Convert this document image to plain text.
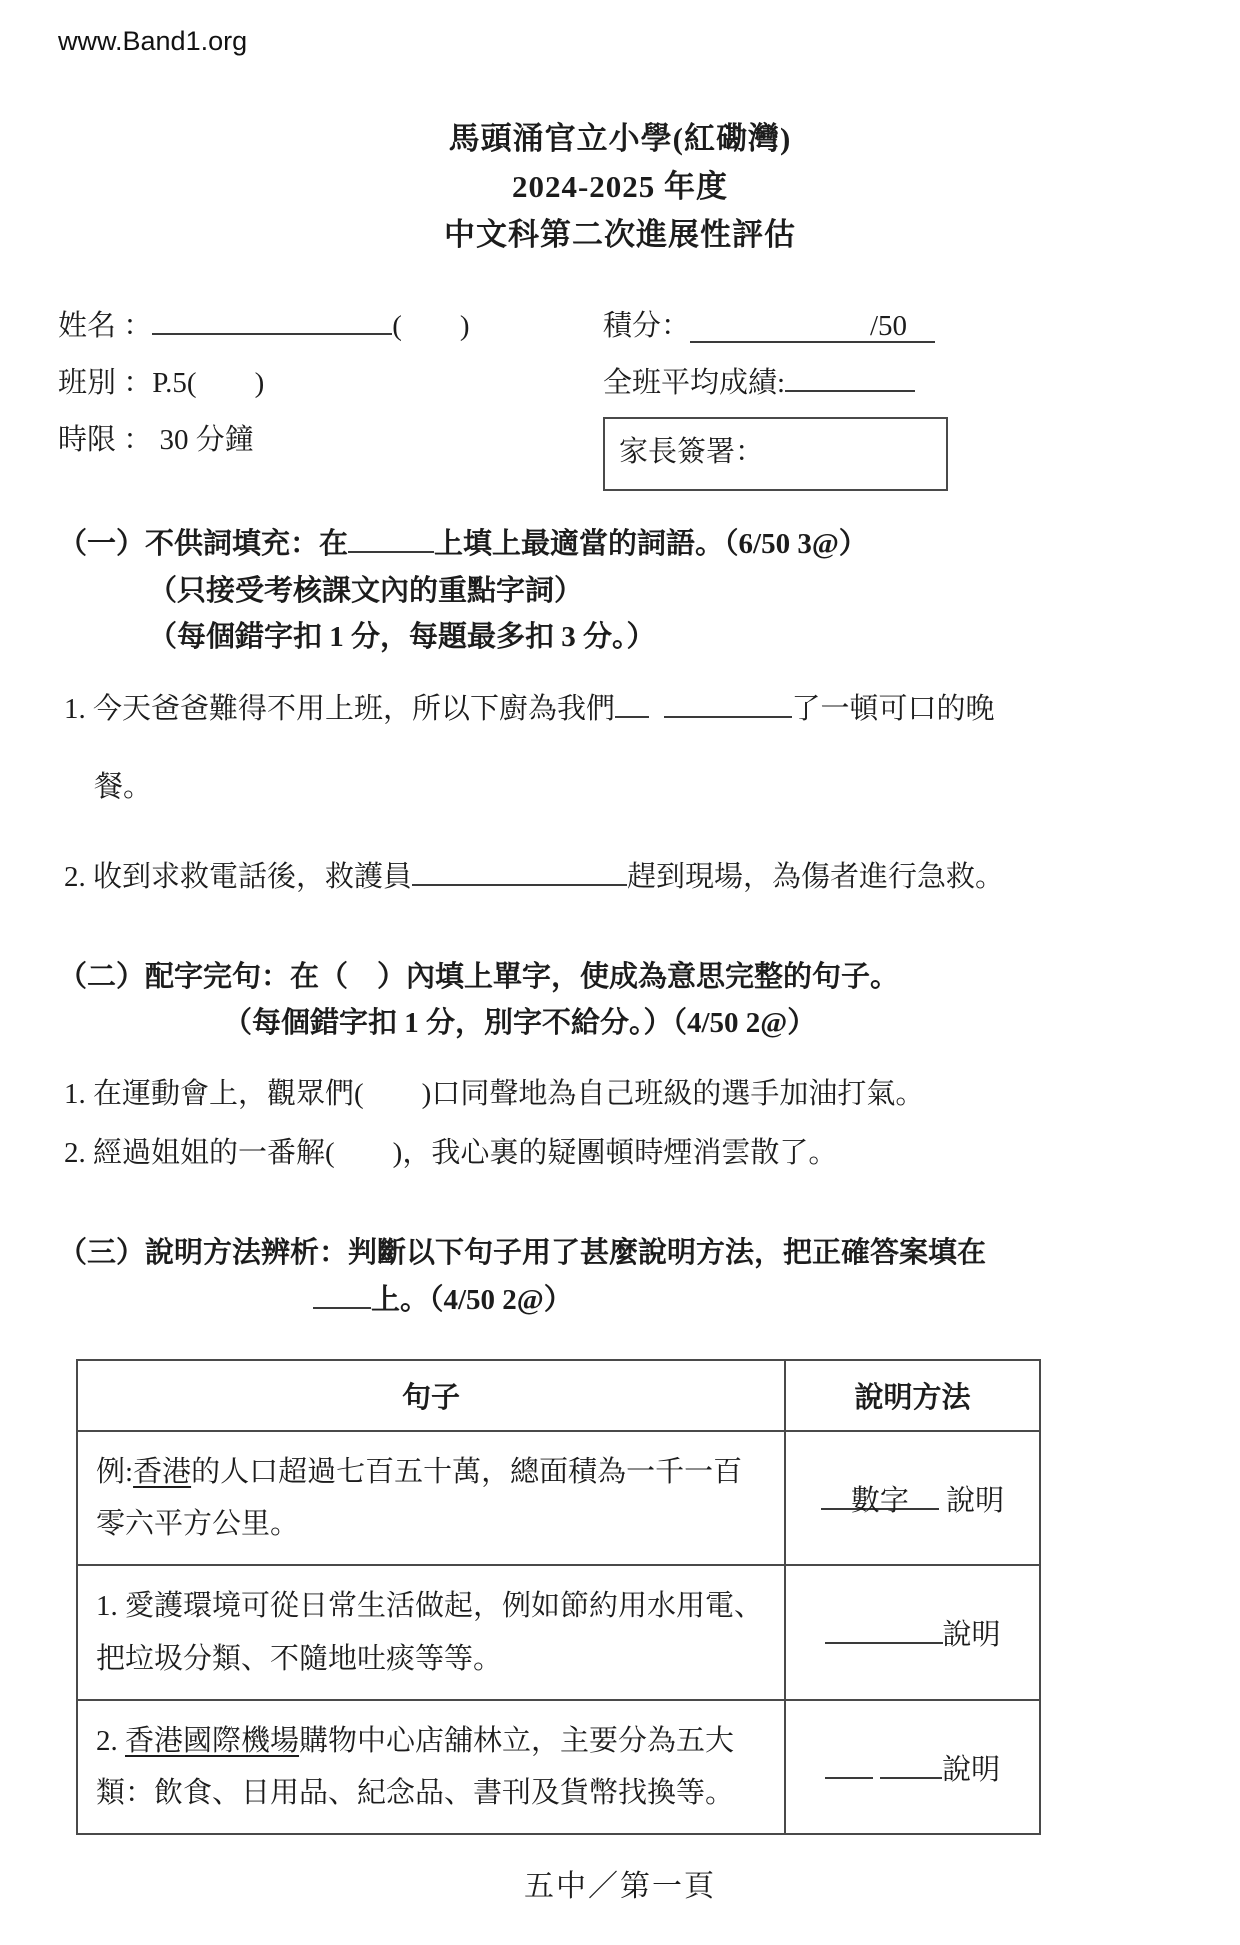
www.Band1.org
馬頭涌官立小學(紅磡灣)
2024-2025 年度
中文科第二次進展性評估
姓名 ：	(　　)
班別 ：P.5(　　)
時限 ： 30 分鐘
積分：	/50
全班平均成績:
家長簽署：
（一）不供詞填充：在	上填上最適當的詞語。（6/50 3@）
（只接受考核課文內的重點字詞）
（每個錯字扣 1 分，每題最多扣 3 分。）
1. 今天爸爸難得不用上班，所以下廚為我們	了一頓可口的晚
餐。
2. 收到求救電話後，救護員	趕到現場，為傷者進行急救。
（二）配字完句：在（　）內填上單字，使成為意思完整的句子。
（每個錯字扣 1 分，別字不給分。）（4/50 2@）
1. 在運動會上，觀眾們(　　)口同聲地為自己班級的選手加油打氣。
2. 經過姐姐的一番解(　　)，我心裏的疑團頓時煙消雲散了。
（三）說明方法辨析：判斷以下句子用了甚麼說明方法，把正確答案填在
上。（4/50 2@）
句子	說明方法
例:香港的人口超過七百五十萬，總面積為一千一百零六平方公里。	數字 說明
1. 愛護環境可從日常生活做起，例如節約用水用電、把垃圾分類、不隨地吐痰等等。	說明
2. 香港國際機場購物中心店舖林立，主要分為五大類：飲食、日用品、紀念品、書刊及貨幣找換等。	說明
五中／第一頁
